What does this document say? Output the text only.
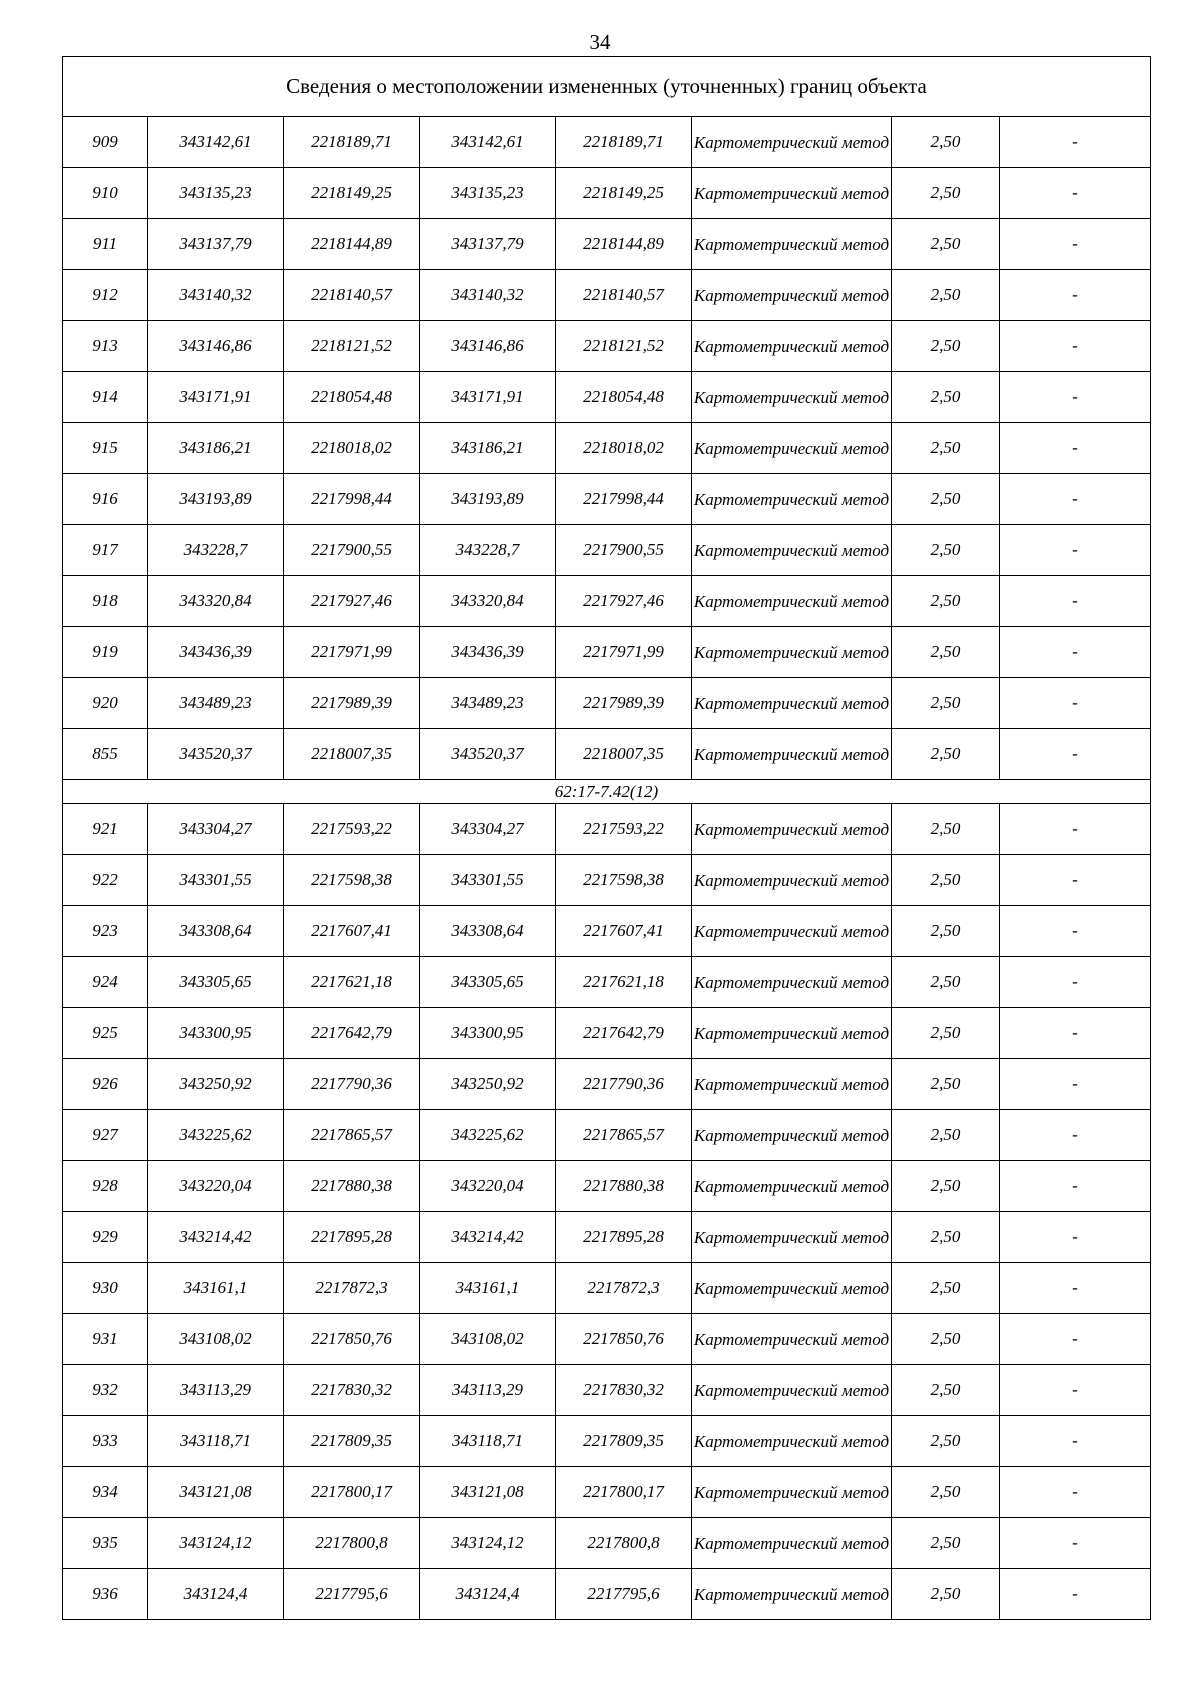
34
Сведения о местоположении измененных (уточненных) границ объекта							
909	343142,61	2218189,71	343142,61	2218189,71	Картометрический метод	2,50	-
910	343135,23	2218149,25	343135,23	2218149,25	Картометрический метод	2,50	-
911	343137,79	2218144,89	343137,79	2218144,89	Картометрический метод	2,50	-
912	343140,32	2218140,57	343140,32	2218140,57	Картометрический метод	2,50	-
913	343146,86	2218121,52	343146,86	2218121,52	Картометрический метод	2,50	-
914	343171,91	2218054,48	343171,91	2218054,48	Картометрический метод	2,50	-
915	343186,21	2218018,02	343186,21	2218018,02	Картометрический метод	2,50	-
916	343193,89	2217998,44	343193,89	2217998,44	Картометрический метод	2,50	-
917	343228,7	2217900,55	343228,7	2217900,55	Картометрический метод	2,50	-
918	343320,84	2217927,46	343320,84	2217927,46	Картометрический метод	2,50	-
919	343436,39	2217971,99	343436,39	2217971,99	Картометрический метод	2,50	-
920	343489,23	2217989,39	343489,23	2217989,39	Картометрический метод	2,50	-
855	343520,37	2218007,35	343520,37	2218007,35	Картометрический метод	2,50	-
62:17-7.42(12)							
921	343304,27	2217593,22	343304,27	2217593,22	Картометрический метод	2,50	-
922	343301,55	2217598,38	343301,55	2217598,38	Картометрический метод	2,50	-
923	343308,64	2217607,41	343308,64	2217607,41	Картометрический метод	2,50	-
924	343305,65	2217621,18	343305,65	2217621,18	Картометрический метод	2,50	-
925	343300,95	2217642,79	343300,95	2217642,79	Картометрический метод	2,50	-
926	343250,92	2217790,36	343250,92	2217790,36	Картометрический метод	2,50	-
927	343225,62	2217865,57	343225,62	2217865,57	Картометрический метод	2,50	-
928	343220,04	2217880,38	343220,04	2217880,38	Картометрический метод	2,50	-
929	343214,42	2217895,28	343214,42	2217895,28	Картометрический метод	2,50	-
930	343161,1	2217872,3	343161,1	2217872,3	Картометрический метод	2,50	-
931	343108,02	2217850,76	343108,02	2217850,76	Картометрический метод	2,50	-
932	343113,29	2217830,32	343113,29	2217830,32	Картометрический метод	2,50	-
933	343118,71	2217809,35	343118,71	2217809,35	Картометрический метод	2,50	-
934	343121,08	2217800,17	343121,08	2217800,17	Картометрический метод	2,50	-
935	343124,12	2217800,8	343124,12	2217800,8	Картометрический метод	2,50	-
936	343124,4	2217795,6	343124,4	2217795,6	Картометрический метод	2,50	-
